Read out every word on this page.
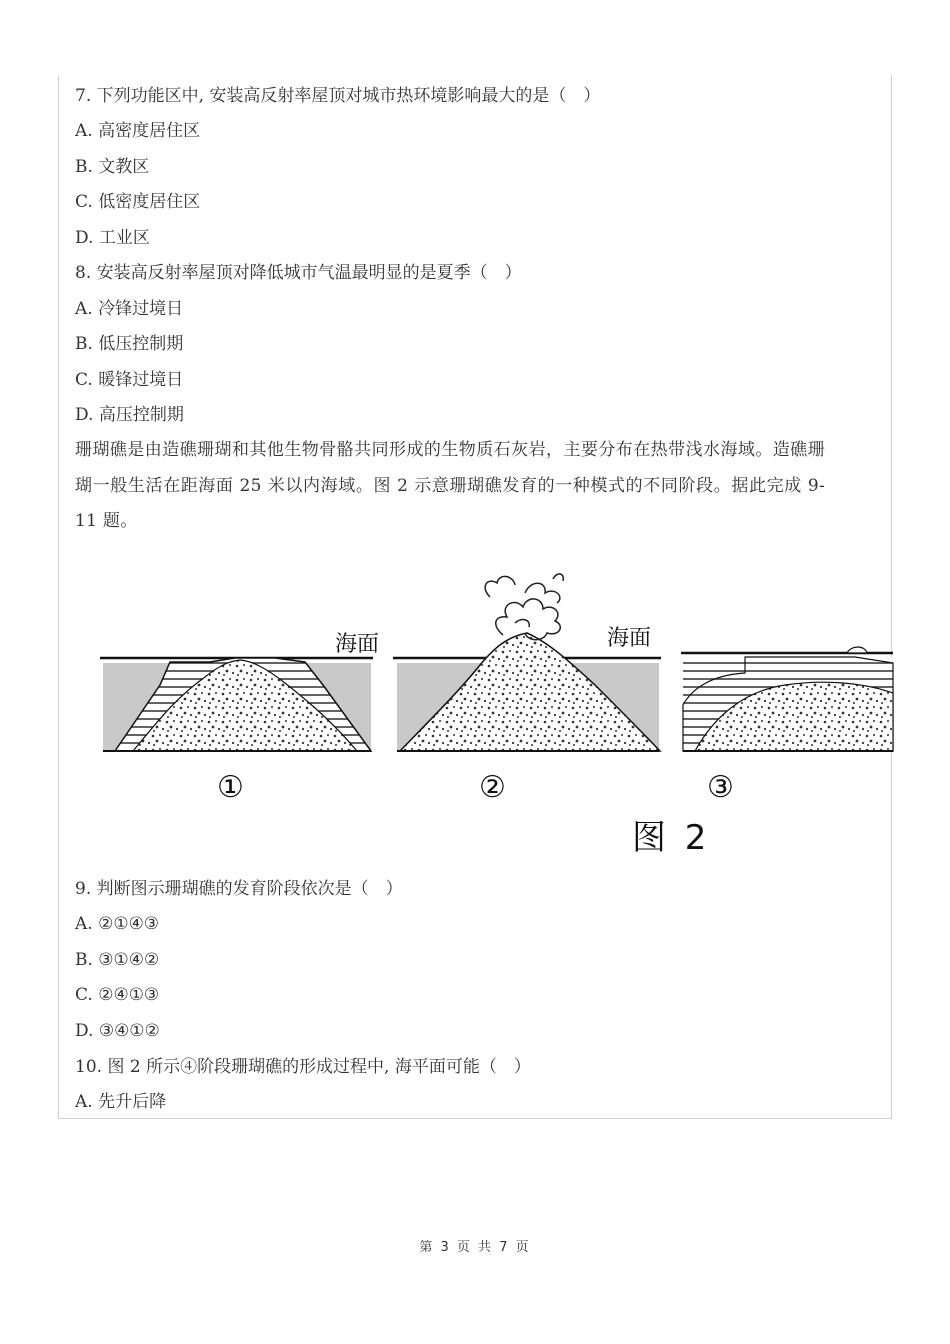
7. 下列功能区中, 安装高反射率屋顶对城市热环境影响最大的是（　）
A. 高密度居住区
B. 文教区
C. 低密度居住区
D. 工业区
8. 安装高反射率屋顶对降低城市气温最明显的是夏季（　）
A. 冷锋过境日
B. 低压控制期
C. 暖锋过境日
D. 高压控制期
珊瑚礁是由造礁珊瑚和其他生物骨骼共同形成的生物质石灰岩，主要分布在热带浅水海域。造礁珊瑚一般生活在距海面 25 米以内海域。图 2 示意珊瑚礁发育的一种模式的不同阶段。据此完成 9-11 题。
海面
①
海面
②	③
图 2
9. 判断图示珊瑚礁的发育阶段依次是（　）
A. ②①④③
B. ③①④②
C. ②④①③
D. ③④①②
10. 图 2 所示④阶段珊瑚礁的形成过程中, 海平面可能（　）
A. 先升后降
第 3 页 共 7 页
